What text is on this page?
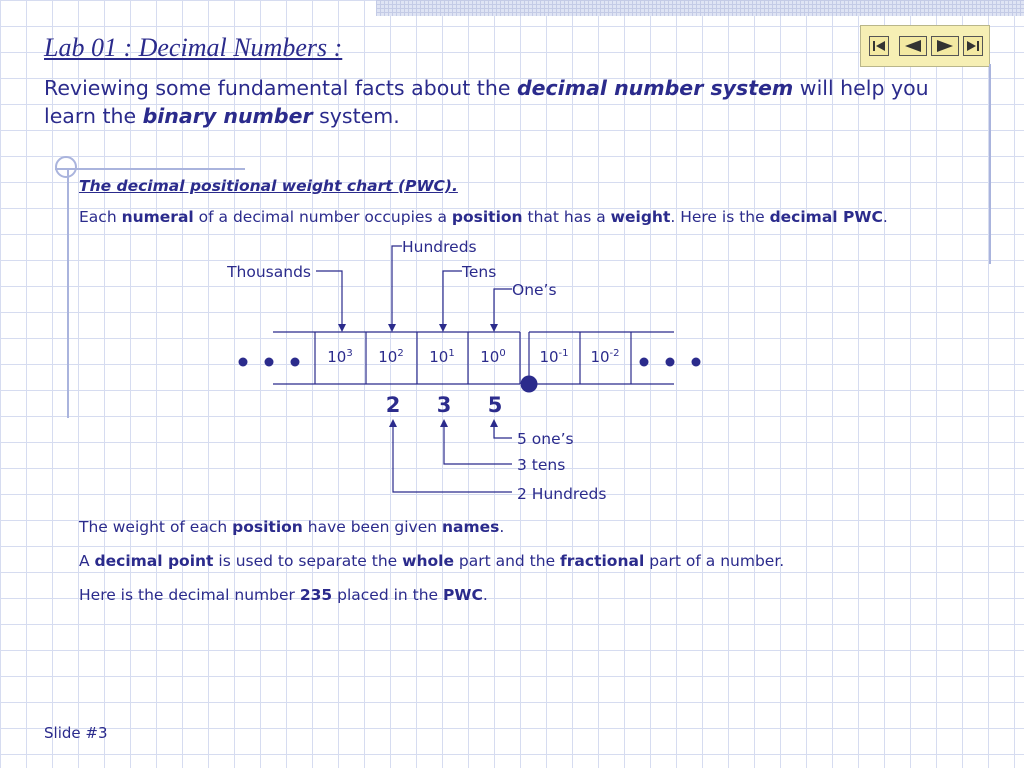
Lab 01 : Decimal Numbers :
Reviewing some fundamental facts about the decimal number system will help you learn the binary number system.
The decimal positional weight chart (PWC).
Each numeral of a decimal number occupies a position that has a weight. Here is the decimal PWC.
Thousands
Hundreds
Tens
One’s
$10^3$ $10^2$ $10^1$ $10^0$ $10^{-1}$ $10^{-2}$
2 3 5
5 one’s
3 tens
2 Hundreds
The weight of each position have been given names.
A decimal point is used to separate the whole part and the fractional part of a number.
Here is the decimal number 235 placed in the PWC.
Slide #3
